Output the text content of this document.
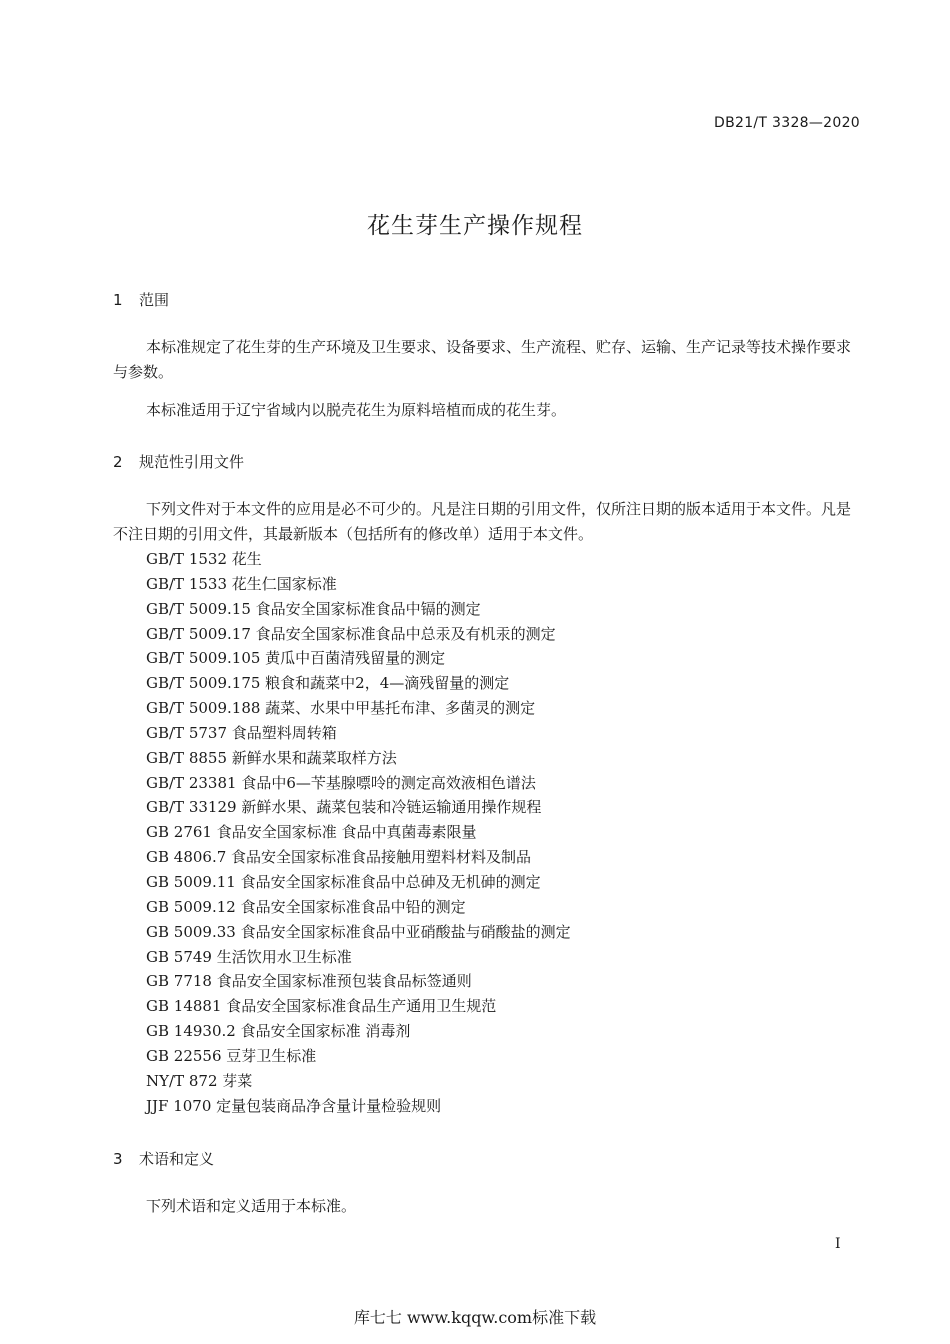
DB21/T 3328—2020
花生芽生产操作规程
1 范围
本标准规定了花生芽的生产环境及卫生要求、设备要求、生产流程、贮存、运输、生产记录等技术操作要求与参数。
本标准适用于辽宁省域内以脱壳花生为原料培植而成的花生芽。
2 规范性引用文件
下列文件对于本文件的应用是必不可少的。凡是注日期的引用文件，仅所注日期的版本适用于本文件。凡是不注日期的引用文件，其最新版本（包括所有的修改单）适用于本文件。
GB/T 1532 花生
GB/T 1533 花生仁国家标准
GB/T 5009.15 食品安全国家标准食品中镉的测定
GB/T 5009.17 食品安全国家标准食品中总汞及有机汞的测定
GB/T 5009.105 黄瓜中百菌清残留量的测定
GB/T 5009.175 粮食和蔬菜中2，4—滴残留量的测定
GB/T 5009.188 蔬菜、水果中甲基托布津、多菌灵的测定
GB/T 5737 食品塑料周转箱
GB/T 8855 新鲜水果和蔬菜取样方法
GB/T 23381 食品中6—苄基腺嘌呤的测定高效液相色谱法
GB/T 33129 新鲜水果、蔬菜包装和冷链运输通用操作规程
GB 2761 食品安全国家标准 食品中真菌毒素限量
GB 4806.7 食品安全国家标准食品接触用塑料材料及制品
GB 5009.11 食品安全国家标准食品中总砷及无机砷的测定
GB 5009.12 食品安全国家标准食品中铅的测定
GB 5009.33 食品安全国家标准食品中亚硝酸盐与硝酸盐的测定
GB 5749 生活饮用水卫生标准
GB 7718 食品安全国家标准预包装食品标签通则
GB 14881 食品安全国家标准食品生产通用卫生规范
GB 14930.2 食品安全国家标准 消毒剂
GB 22556 豆芽卫生标准
NY/T 872 芽菜
JJF 1070 定量包装商品净含量计量检验规则
3 术语和定义
下列术语和定义适用于本标准。
I
库七七 www.kqqw.com标准下载
